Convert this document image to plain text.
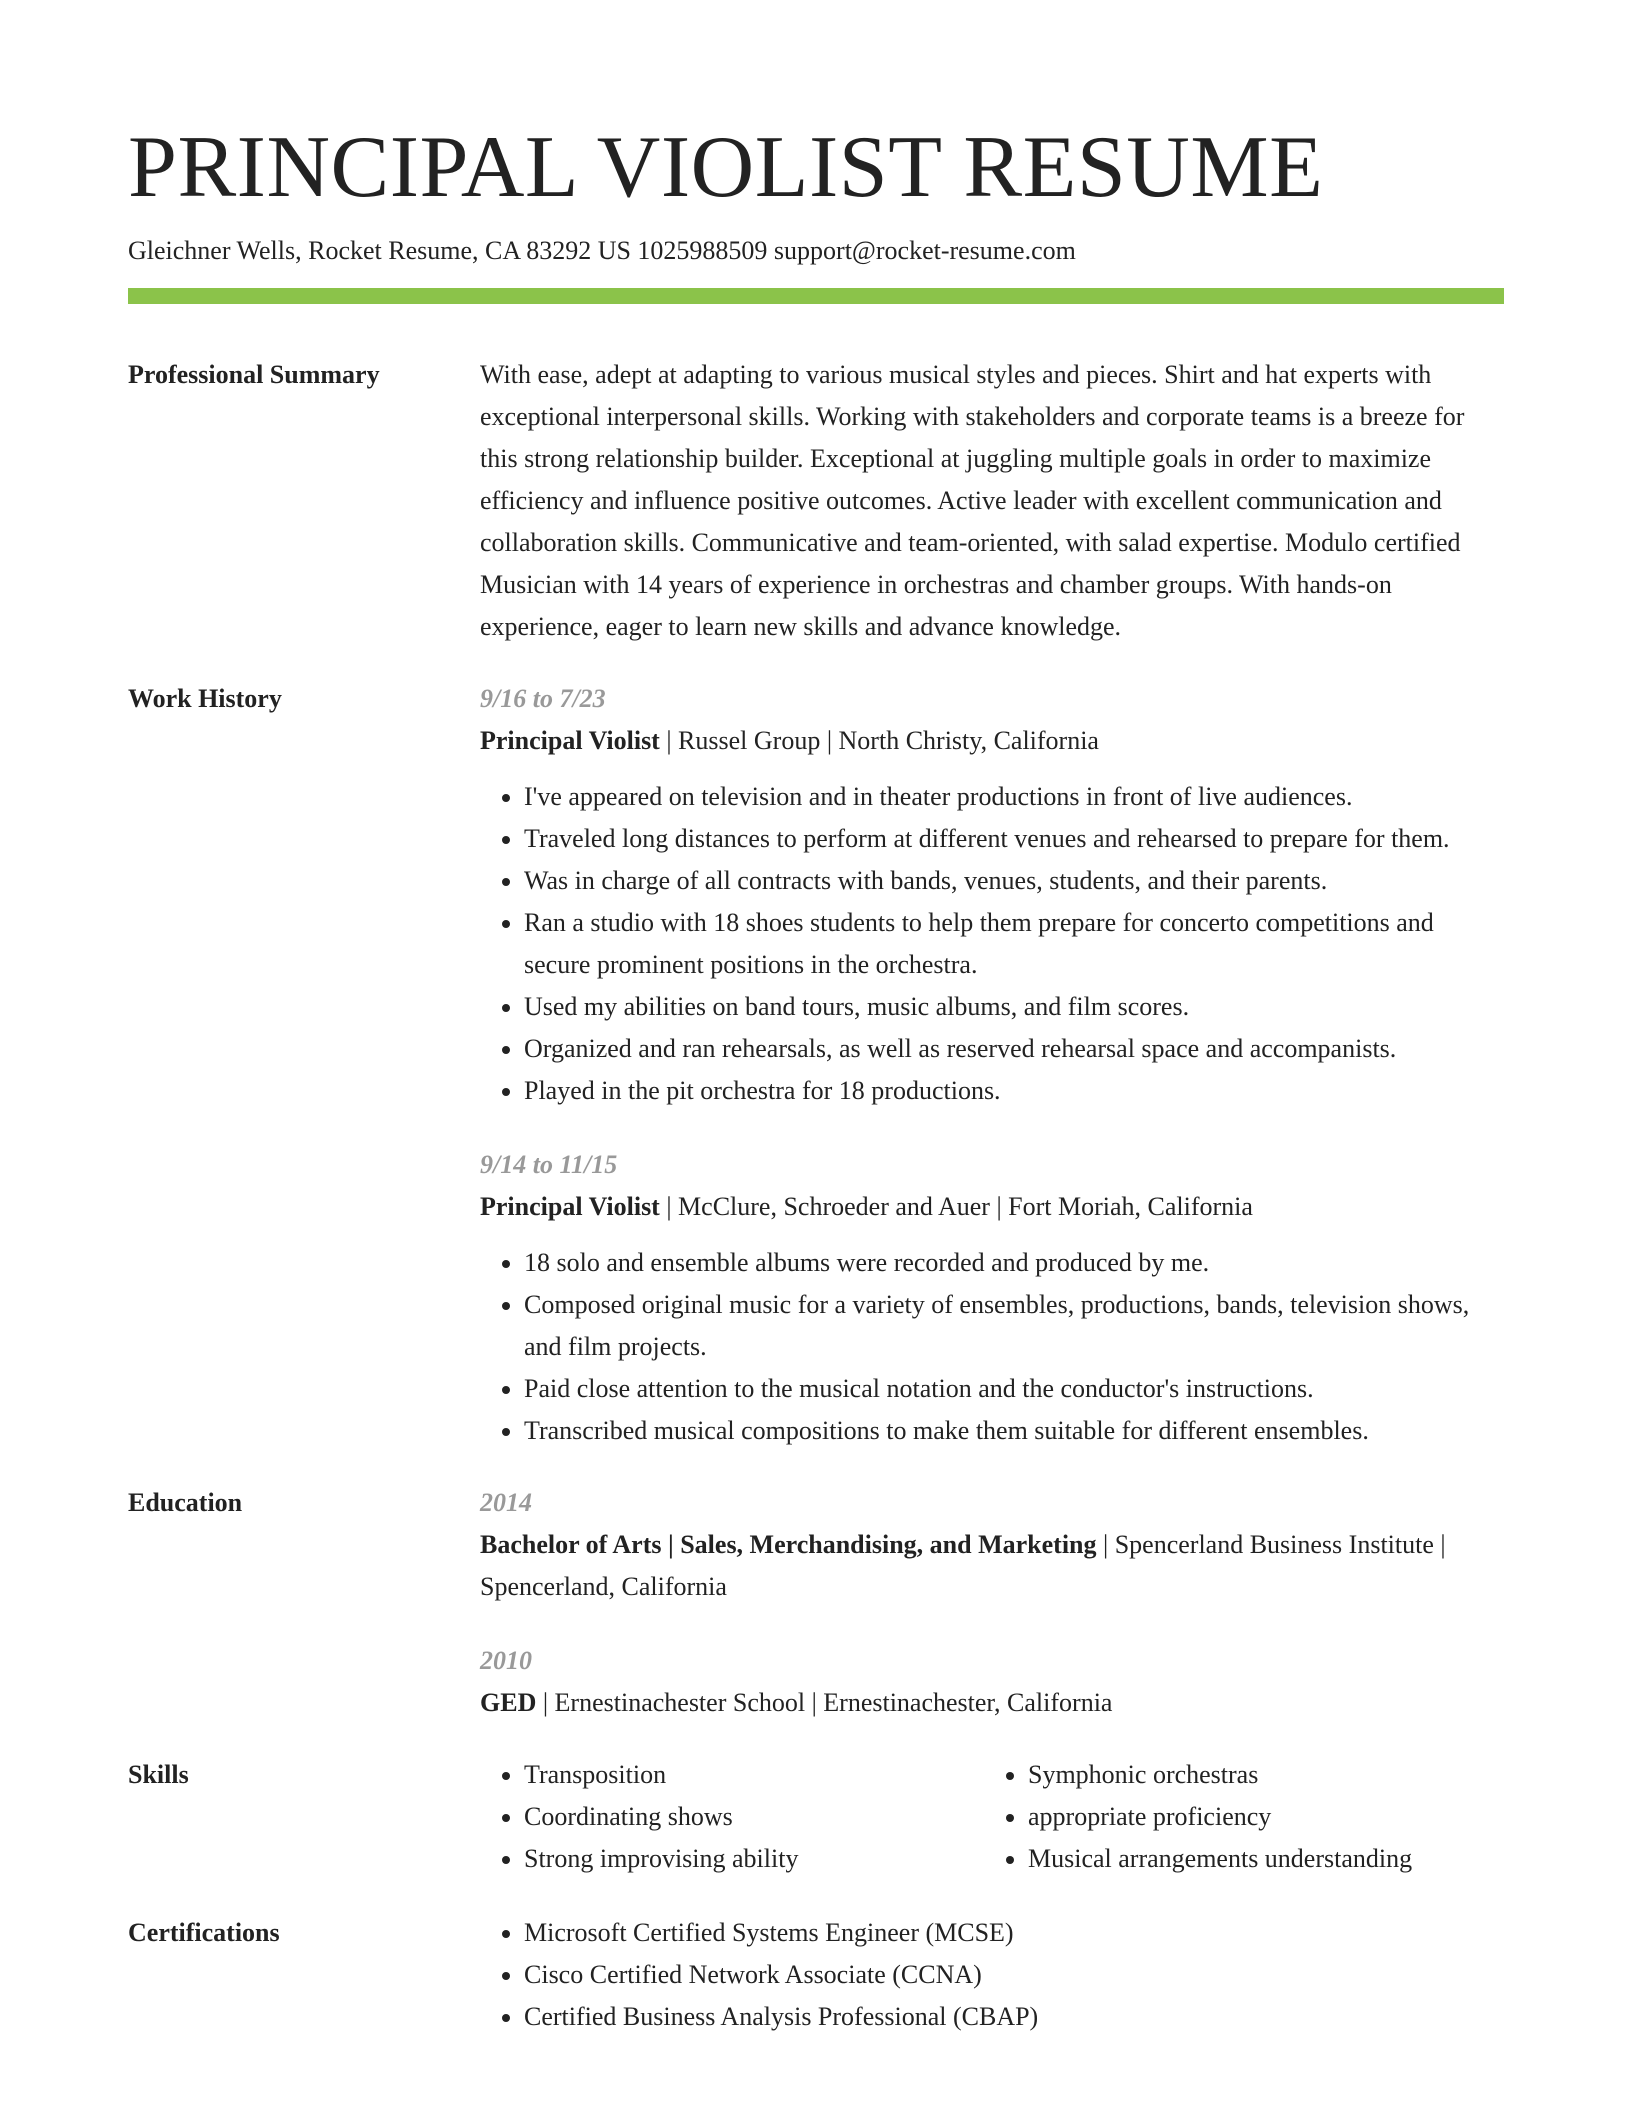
PRINCIPAL VIOLIST RESUME
Gleichner Wells, Rocket Resume, CA 83292 US 1025988509 support@rocket-resume.com
Professional Summary	With ease, adept at adapting to various musical styles and pieces. Shirt and hat experts with exceptional interpersonal skills. Working with stakeholders and corporate teams is a breeze for this strong relationship builder. Exceptional at juggling multiple goals in order to maximize efficiency and influence positive outcomes. Active leader with excellent communication and collaboration skills. Communicative and team-oriented, with salad expertise. Modulo certified Musician with 14 years of experience in orchestras and chamber groups. With hands-on experience, eager to learn new skills and advance knowledge.

Work History	9/16 to 7/23

Principal Violist | Russel Group | North Christy, California

• I've appeared on television and in theater productions in front of live audiences.
• Traveled long distances to perform at different venues and rehearsed to prepare for them.
• Was in charge of all contracts with bands, venues, students, and their parents.
• Ran a studio with 18 shoes students to help them prepare for concerto competitions and secure prominent positions in the orchestra.
• Used my abilities on band tours, music albums, and film scores.
• Organized and ran rehearsals, as well as reserved rehearsal space and accompanists.
• Played in the pit orchestra for 18 productions.
9/14 to 11/15

Principal Violist | McClure, Schroeder and Auer | Fort Moriah, California

• 18 solo and ensemble albums were recorded and produced by me.
• Composed original music for a variety of ensembles, productions, bands, television shows, and film projects.
• Paid close attention to the musical notation and the conductor's instructions.
• Transcribed musical compositions to make them suitable for different ensembles.
Education	2014

Bachelor of Arts | Sales, Merchandising, and Marketing | Spencerland Business Institute | Spencerland, California

2010

GED | Ernestinachester School | Ernestinachester, California

Skills	• Transposition
• Coordinating shows
• Strong improvising ability
• Symphonic orchestras
• appropriate proficiency
• Musical arrangements understanding
Certifications	• Microsoft Certified Systems Engineer (MCSE)
• Cisco Certified Network Associate (CCNA)
• Certified Business Analysis Professional (CBAP)
